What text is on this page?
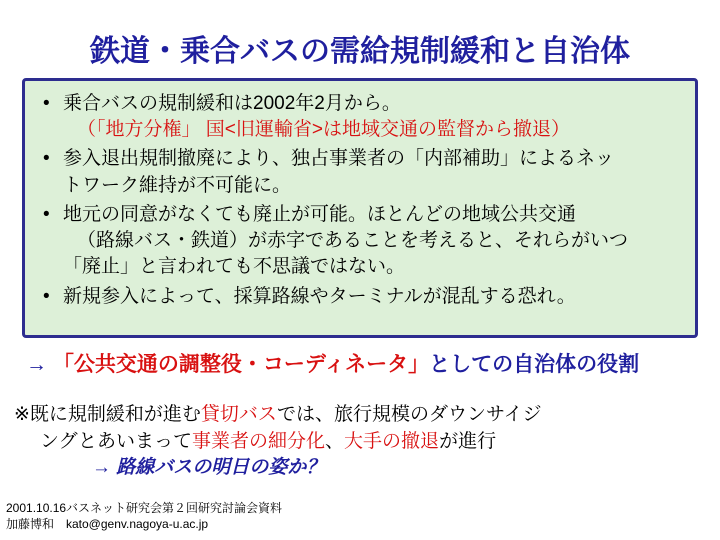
鉄道・乗合バスの需給規制緩和と自治体
• 乗合バスの規制緩和は2002年2月から。
（「地方分権」 国<旧運輸省>は地域交通の監督から撤退）
• 参入退出規制撤廃により、独占事業者の「内部補助」によるネッ
トワーク維持が不可能に。
• 地元の同意がなくても廃止が可能。ほとんどの地域公共交通
（路線バス・鉄道）が赤字であることを考えると、それらがいつ
「廃止」と言われても不思議ではない。
• 新規参入によって、採算路線やターミナルが混乱する恐れ。
→ 「公共交通の調整役・コーディネータ」としての自治体の役割
※既に規制緩和が進む貸切バスでは、旅行規模のダウンサイジ
ングとあいまって事業者の細分化、大手の撤退が進行
→ 路線バスの明日の姿か？
2001.10.16バスネット研究会第２回研究討論会資料
加藤博和　kato@genv.nagoya-u.ac.jp
